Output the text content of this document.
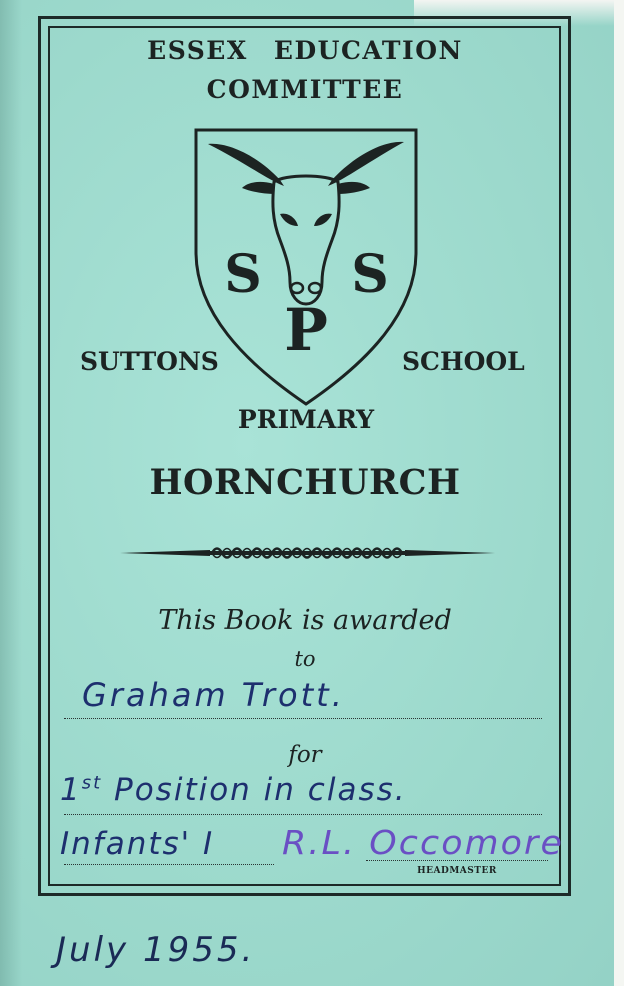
ESSEX EDUCATION
COMMITTEE
S
P
S
SUTTONS	SCHOOL
PRIMARY
HORNCHURCH
This Book is awarded
to
Graham Trott.
for
1st Position in class.
Infants' I R.L. Occomore
HEADMASTER
July 1955.
